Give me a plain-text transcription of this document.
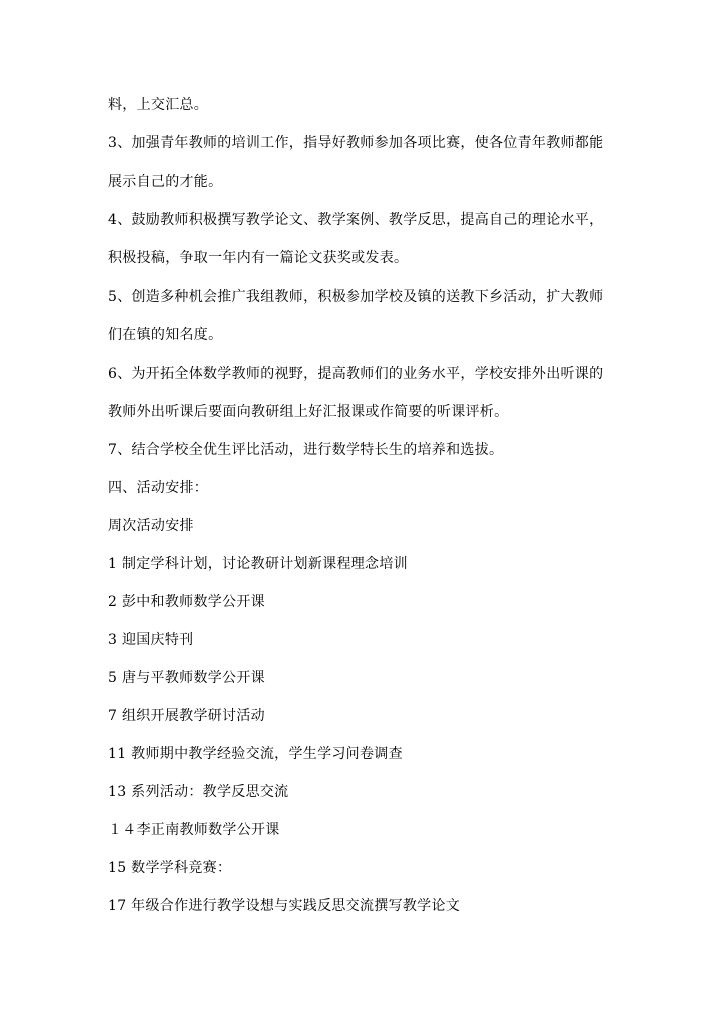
料，上交汇总。
3、加强青年教师的培训工作，指导好教师参加各项比赛，使各位青年教师都能
展示自己的才能。
4、鼓励教师积极撰写教学论文、教学案例、教学反思，提高自己的理论水平，
积极投稿，争取一年内有一篇论文获奖或发表。
5、创造多种机会推广我组教师，积极参加学校及镇的送教下乡活动，扩大教师
们在镇的知名度。
6、为开拓全体数学教师的视野，提高教师们的业务水平，学校安排外出听课的
教师外出听课后要面向教研组上好汇报课或作简要的听课评析。
7、结合学校全优生评比活动，进行数学特长生的培养和选拔。
四、活动安排：
周次活动安排
1 制定学科计划，讨论教研计划新课程理念培训
2 彭中和教师数学公开课
3 迎国庆特刊
5 唐与平教师数学公开课
7 组织开展教学研讨活动
11 教师期中教学经验交流，学生学习问卷调查
13 系列活动：教学反思交流
１４李正南教师数学公开课
15 数学学科竞赛：
17 年级合作进行教学设想与实践反思交流撰写教学论文
